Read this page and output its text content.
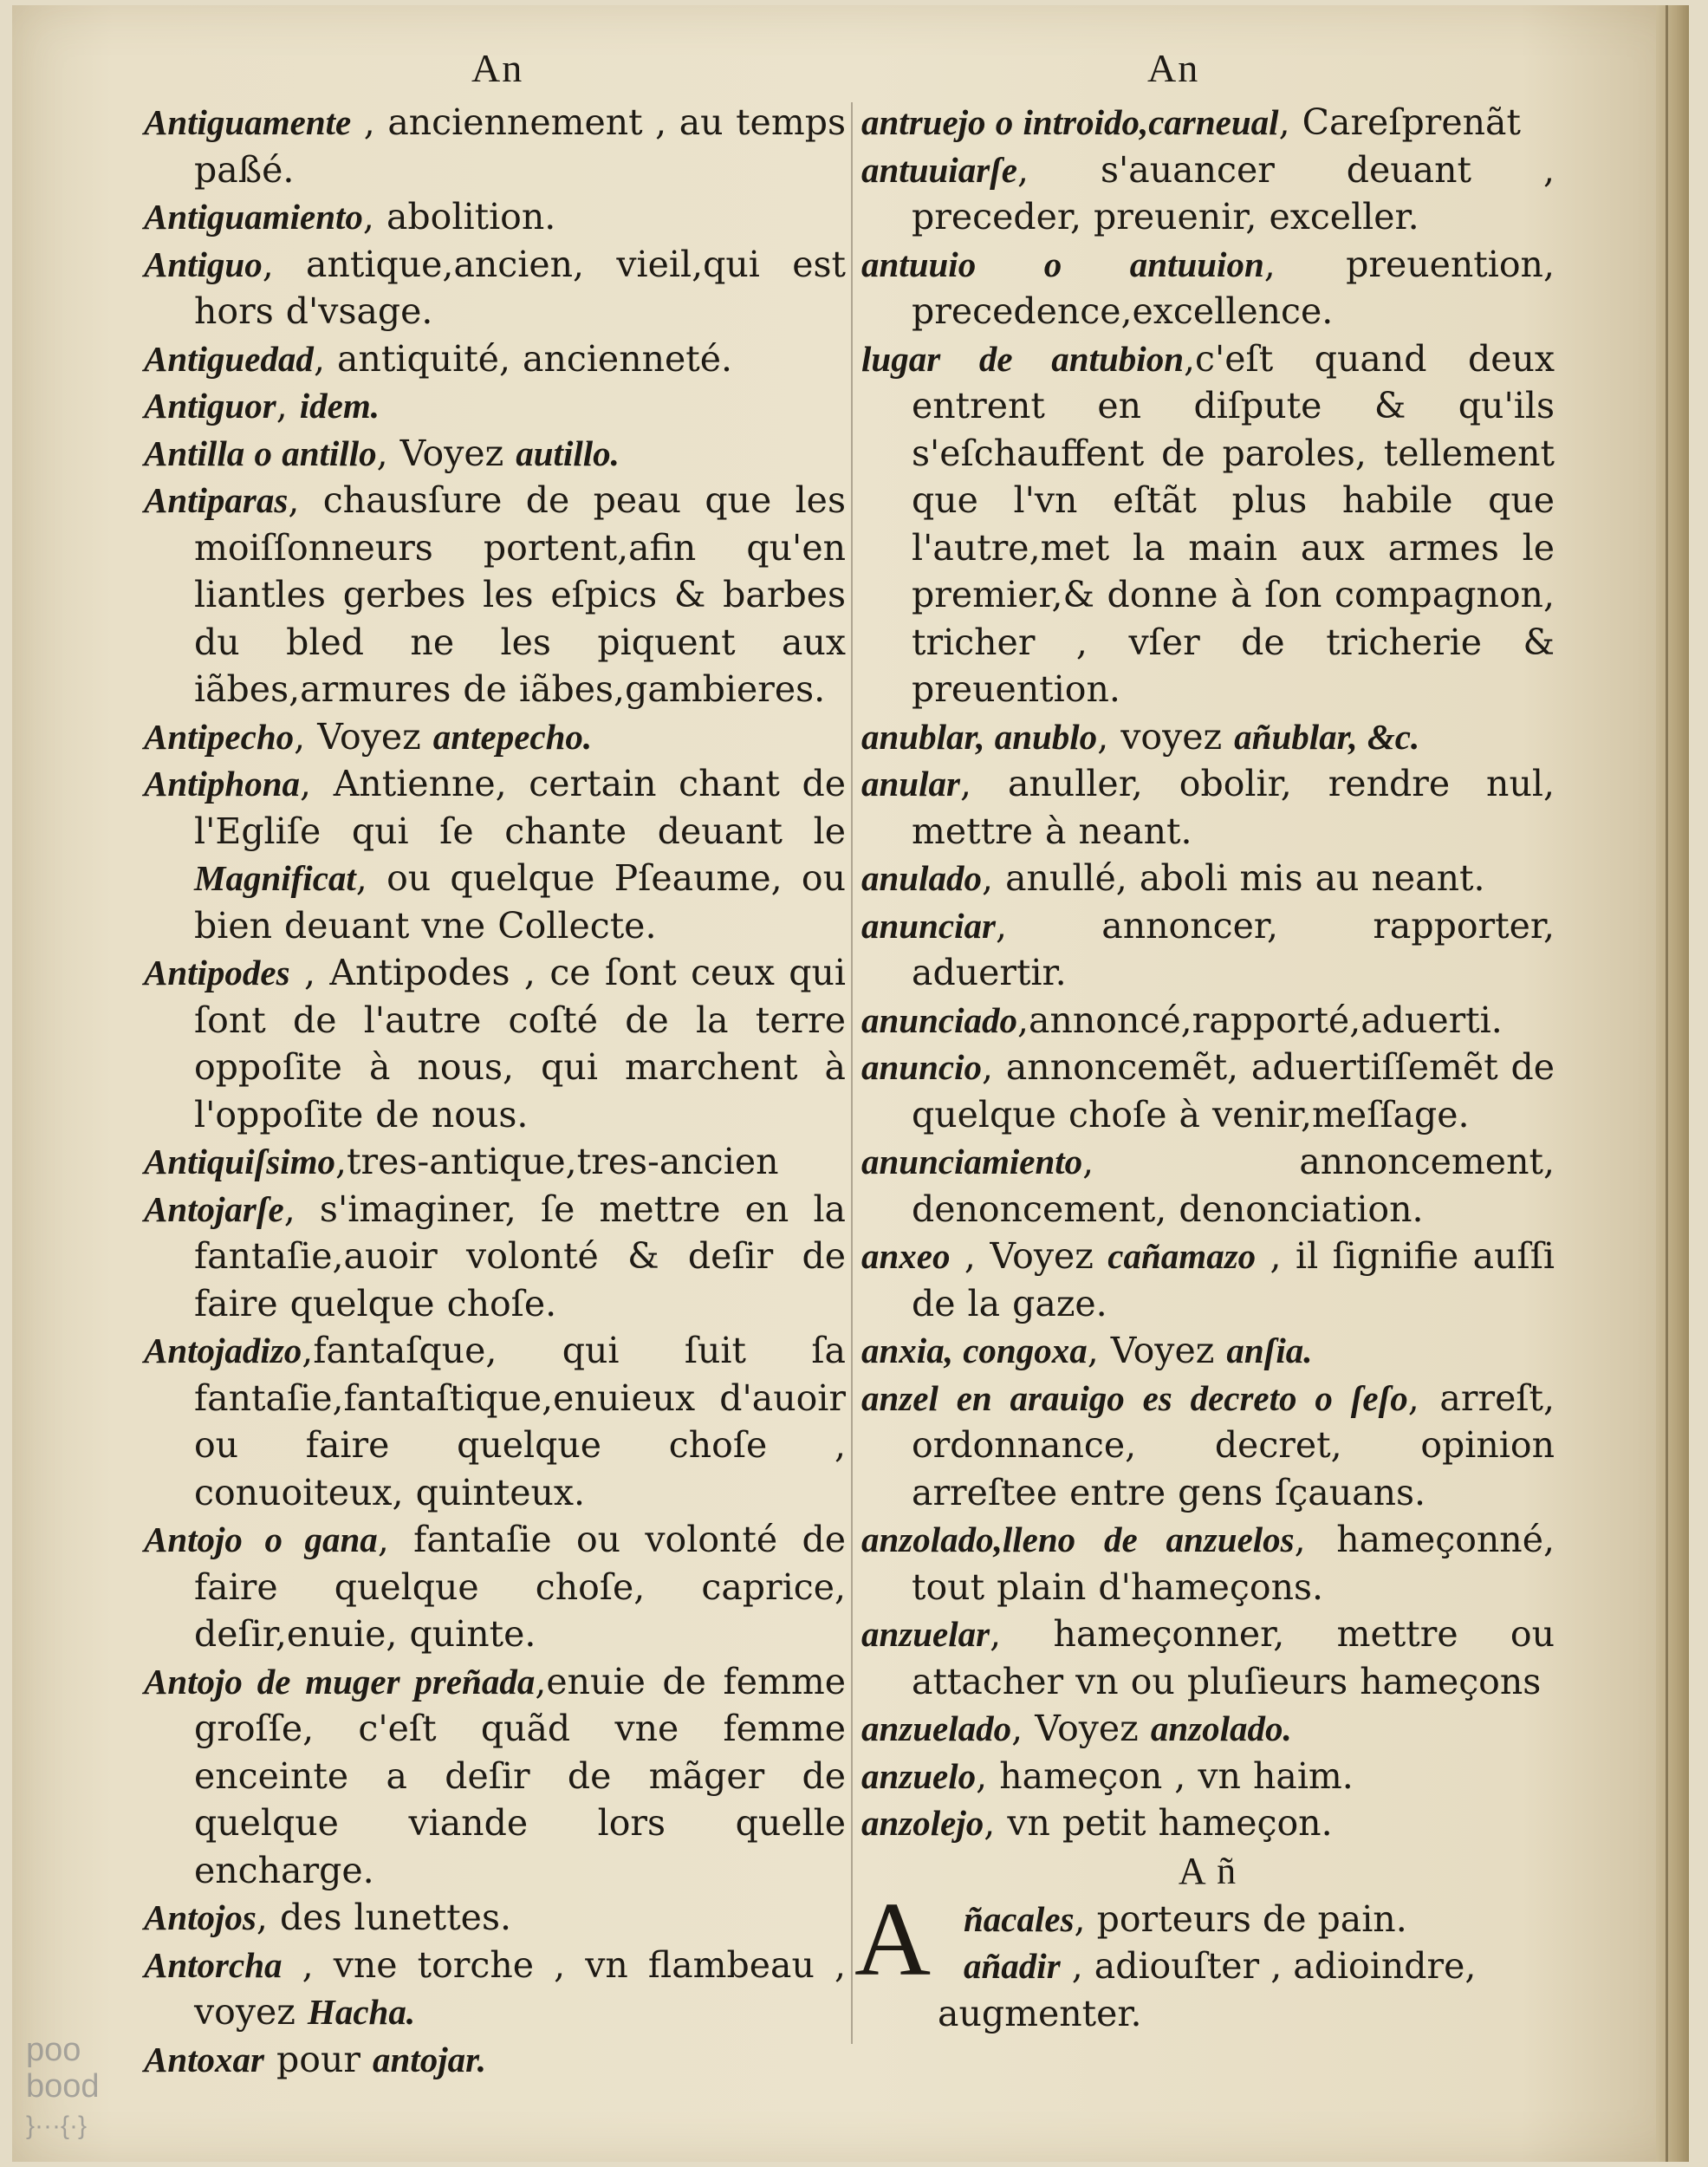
An	An
Antiguamente , anciennement , au temps paßé.
Antiguamiento, abolition.
Antiguo, antique,ancien, vieil,qui est hors d'vsage.
Antiguedad, antiquité, ancienneté.
Antiguor, idem.
Antilla o antillo, Voyez autillo.
Antiparas, chausſure de peau que les moiſſonneurs portent,afin qu'en liantles gerbes les eſpics & barbes du bled ne les piquent aux iãbes,armures de iãbes,gambieres.
Antipecho, Voyez antepecho.
Antiphona, Antienne, certain chant de l'Egliſe qui ſe chante deuant le Magnificat, ou quelque Pſeaume, ou bien deuant vne Collecte.
Antipodes , Antipodes , ce ſont ceux qui ſont de l'autre coſté de la terre oppoſite à nous, qui marchent à l'oppoſite de nous.
Antiquiſsimo,tres-antique,tres-ancien
Antojarſe, s'imaginer, ſe mettre en la fantaſie,auoir volonté & deſir de faire quelque choſe.
Antojadizo,fantaſque, qui ſuit ſa fantaſie,fantaſtique,enuieux d'auoir ou faire quelque choſe , conuoiteux, quinteux.
Antojo o gana, fantaſie ou volonté de faire quelque choſe, caprice, deſir,enuie, quinte.
Antojo de muger preñada,enuie de femme groſſe, c'eſt quãd vne femme enceinte a deſir de mãger de quelque viande lors quelle encharge.
Antojos, des lunettes.
Antorcha , vne torche , vn flambeau , voyez Hacha.
Antoxar pour antojar.
antruejo o introido,carneual, Careſprenãt
antuuiarſe, s'auancer deuant , preceder, preuenir, exceller.
antuuio o antuuion, preuention, precedence,excellence.
lugar de antubion,c'eſt quand deux entrent en diſpute & qu'ils s'eſchauffent de paroles, tellement que l'vn eſtãt plus habile que l'autre,met la main aux armes le premier,& donne à ſon compagnon, tricher , vſer de tricherie & preuention.
anublar, anublo, voyez añublar, &c.
anular, anuller, obolir, rendre nul, mettre à neant.
anulado, anullé, aboli mis au neant.
anunciar, annoncer, rapporter, aduertir.
anunciado,annoncé,rapporté,aduerti.
anuncio, annoncemẽt, aduertiſſemẽt de quelque choſe à venir,meſſage.
anunciamiento, annoncement, denoncement, denonciation.
anxeo , Voyez cañamazo , il ſignifie auſſi de la gaze.
anxia, congoxa, Voyez anſia.
anzel en arauigo es decreto o ſeſo, arreſt, ordonnance, decret, opinion arreſtee entre gens ſçauans.
anzolado,lleno de anzuelos, hameçonné, tout plain d'hameçons.
anzuelar, hameçonner, mettre ou attacher vn ou pluſieurs hameçons
anzuelado, Voyez anzolado.
anzuelo, hameçon , vn haim.
anzolejo, vn petit hameçon.
A ñ
A ñacales, porteurs de pain.
añadir , adiouſter , adioindre,
augmenter.
poo
bood
}···{·}
